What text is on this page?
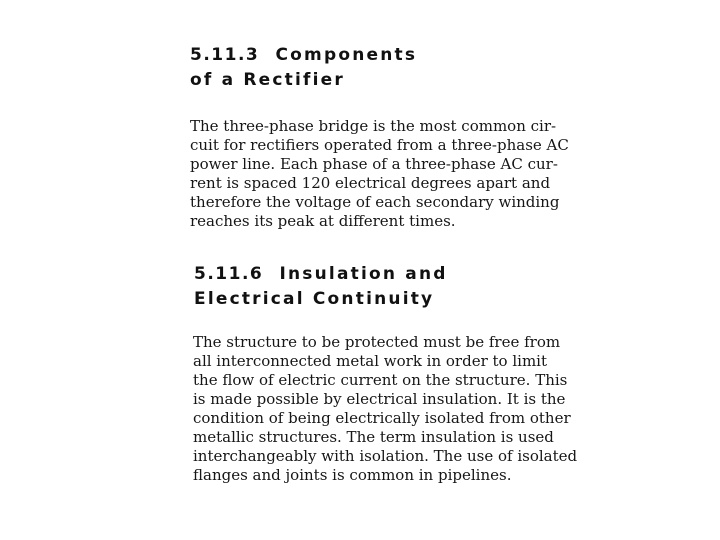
5.11.3 Components
of a Rectifier

The three-phase bridge is the most common cir-
cuit for rectifiers operated from a three-phase AC
power line. Each phase of a three-phase AC cur-
rent is spaced 120 electrical degrees apart and
therefore the voltage of each secondary winding
reaches its peak at different times.

5.11.6 Insulation and
Electrical Continuity

The structure to be protected must be free from
all interconnected metal work in order to limit
the flow of electric current on the structure. This
is made possible by electrical insulation. It is the
condition of being electrically isolated from other
metallic structures. The term insulation is used
interchangeably with isolation. The use of isolated
flanges and joints is common in pipelines.
